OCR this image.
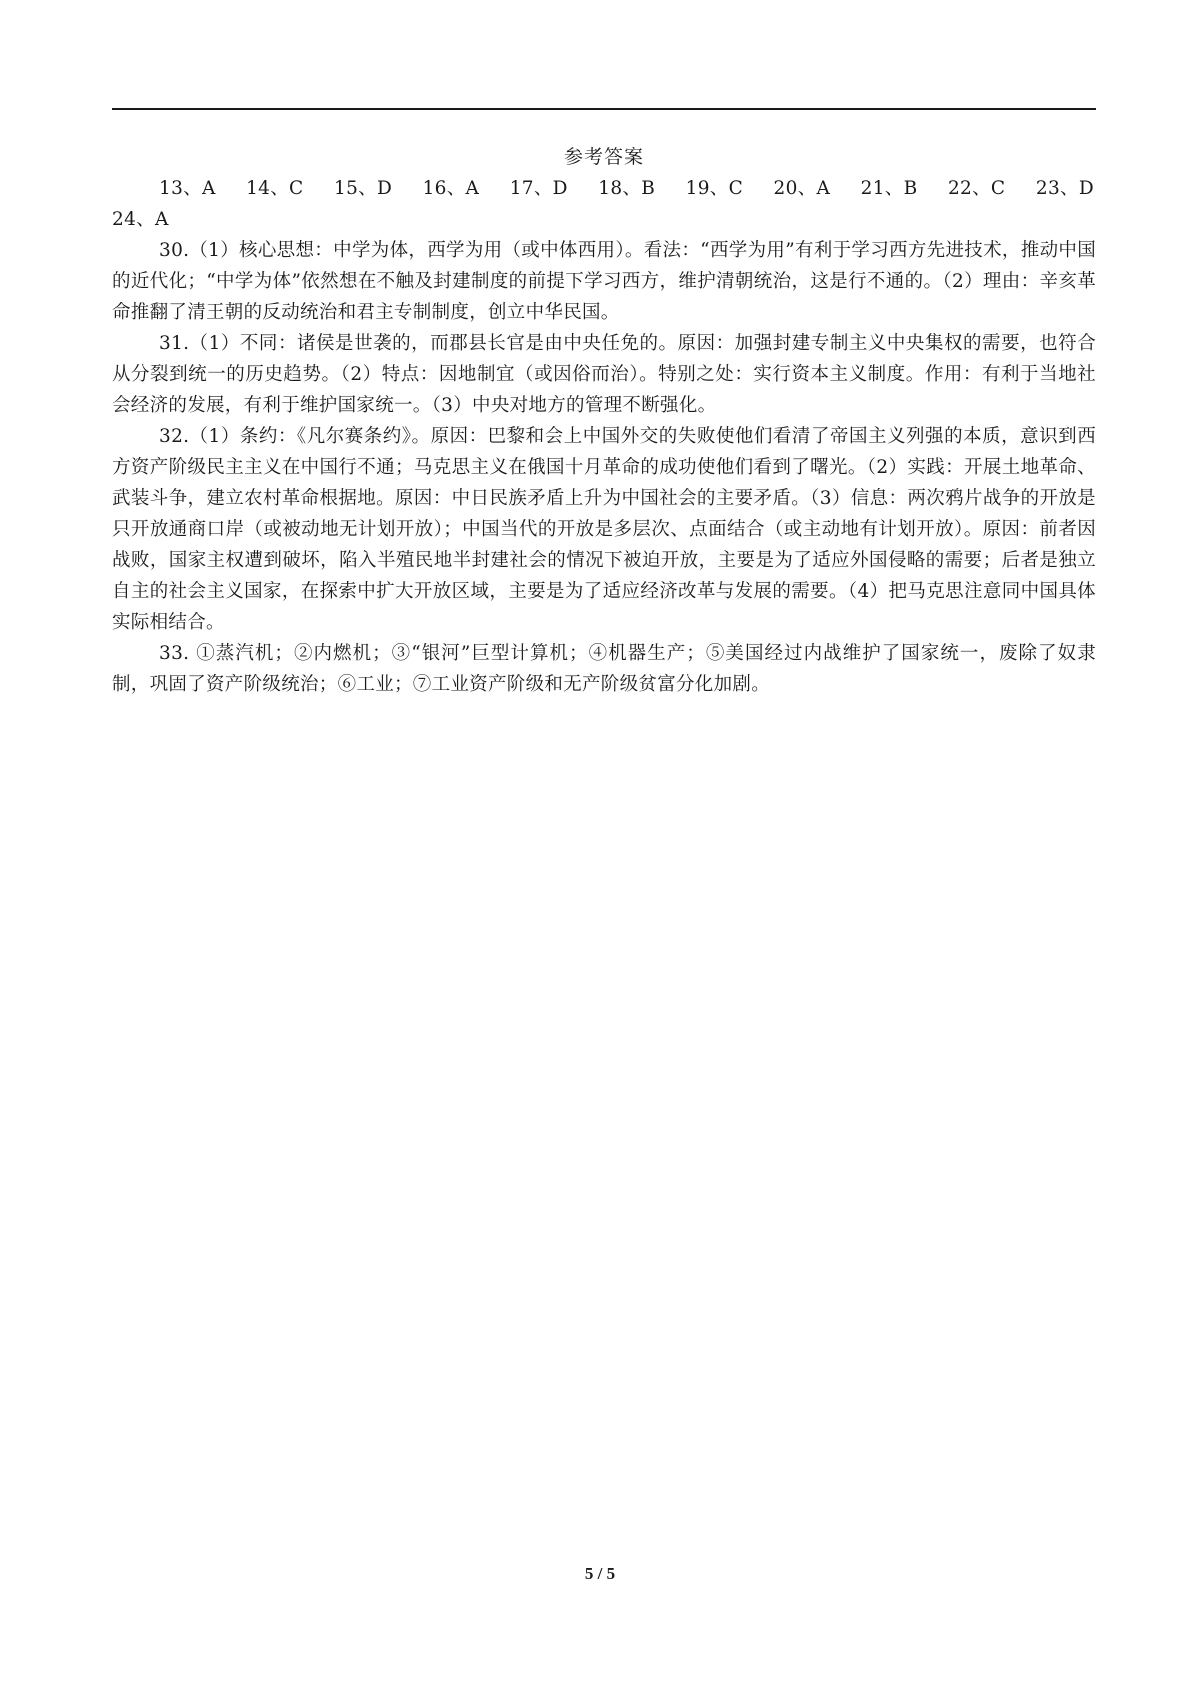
参考答案

13、A 14、C 15、D 16、A 17、D 18、B 19、C 20、A 21、B 22、C 23、D

24、A

30.（1）核心思想：中学为体，西学为用（或中体西用）。看法：“西学为用”有利于学习西方先进技术，推动中国的近代化；“中学为体”依然想在不触及封建制度的前提下学习西方，维护清朝统治，这是行不通的。（2）理由：辛亥革命推翻了清王朝的反动统治和君主专制制度，创立中华民国。

31.（1）不同：诸侯是世袭的，而郡县长官是由中央任免的。原因：加强封建专制主义中央集权的需要，也符合从分裂到统一的历史趋势。（2）特点：因地制宜（或因俗而治）。特别之处：实行资本主义制度。作用：有利于当地社会经济的发展，有利于维护国家统一。（3）中央对地方的管理不断强化。

32.（1）条约：《凡尔赛条约》。原因：巴黎和会上中国外交的失败使他们看清了帝国主义列强的本质，意识到西方资产阶级民主主义在中国行不通；马克思主义在俄国十月革命的成功使他们看到了曙光。（2）实践：开展土地革命、武装斗争，建立农村革命根据地。原因：中日民族矛盾上升为中国社会的主要矛盾。（3）信息：两次鸦片战争的开放是只开放通商口岸（或被动地无计划开放）；中国当代的开放是多层次、点面结合（或主动地有计划开放）。原因：前者因战败，国家主权遭到破坏，陷入半殖民地半封建社会的情况下被迫开放，主要是为了适应外国侵略的需要；后者是独立自主的社会主义国家，在探索中扩大开放区域，主要是为了适应经济改革与发展的需要。（4）把马克思注意同中国具体实际相结合。

33. ①蒸汽机；②内燃机；③“银河”巨型计算机；④机器生产；⑤美国经过内战维护了国家统一，废除了奴隶制，巩固了资产阶级统治；⑥工业；⑦工业资产阶级和无产阶级贫富分化加剧。

5 / 5
